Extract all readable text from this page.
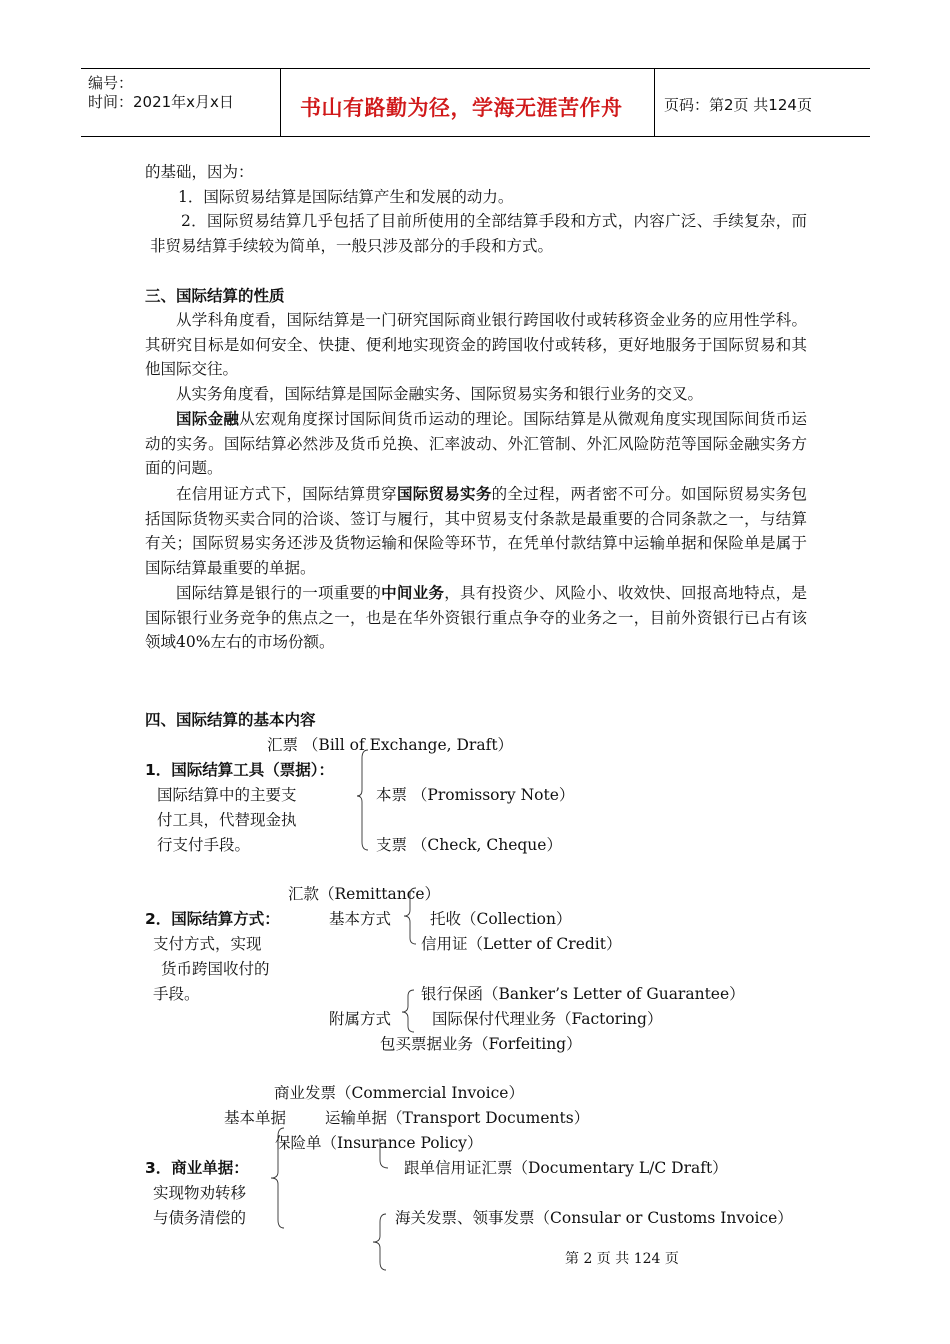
编号：
时间：2021年x月x日	书山有路勤为径，学海无涯苦作舟	页码：第2页 共124页
的基础，因为：
1．国际贸易结算是国际结算产生和发展的动力。
2．国际贸易结算几乎包括了目前所使用的全部结算手段和方式，内容广泛、手续复杂，而非贸易结算手续较为简单，一般只涉及部分的手段和方式。
三、国际结算的性质
从学科角度看，国际结算是一门研究国际商业银行跨国收付或转移资金业务的应用性学科。其研究目标是如何安全、快捷、便利地实现资金的跨国收付或转移，更好地服务于国际贸易和其他国际交往。
从实务角度看，国际结算是国际金融实务、国际贸易实务和银行业务的交叉。
国际金融从宏观角度探讨国际间货币运动的理论。国际结算是从微观角度实现国际间货币运动的实务。国际结算必然涉及货币兑换、汇率波动、外汇管制、外汇风险防范等国际金融实务方面的问题。
在信用证方式下，国际结算贯穿国际贸易实务的全过程，两者密不可分。如国际贸易实务包括国际货物买卖合同的洽谈、签订与履行，其中贸易支付条款是最重要的合同条款之一，与结算有关；国际贸易实务还涉及货物运输和保险等环节，在凭单付款结算中运输单据和保险单是属于国际结算最重要的单据。
国际结算是银行的一项重要的中间业务，具有投资少、风险小、收效快、回报高地特点，是国际银行业务竞争的焦点之一，也是在华外资银行重点争夺的业务之一，目前外资银行已占有该领域40%左右的市场份额。
四、国际结算的基本内容
汇票 （Bill of Exchange, Draft）
1．国际结算工具（票据）：
国际结算中的主要支
付工具，代替现金执
行支付手段。
本票 （Promissory Note）
支票 （Check, Cheque）
汇款（Remittance）
2．国际结算方式：	基本方式	托收（Collection）
信用证（Letter of Credit）
支付方式，实现
货币跨国收付的
手段。	银行保函（Banker’s Letter of Guarantee）
附属方式	国际保付代理业务（Factoring）
包买票据业务（Forfeiting）
商业发票（Commercial Invoice）
基本单据	运输单据（Transport Documents）
保险单（Insurance Policy）
3．商业单据：	跟单信用证汇票（Documentary L/C Draft）
实现物劝转移
与债务清偿的	海关发票、领事发票（Consular or Customs Invoice）
第 2 页 共 124 页
